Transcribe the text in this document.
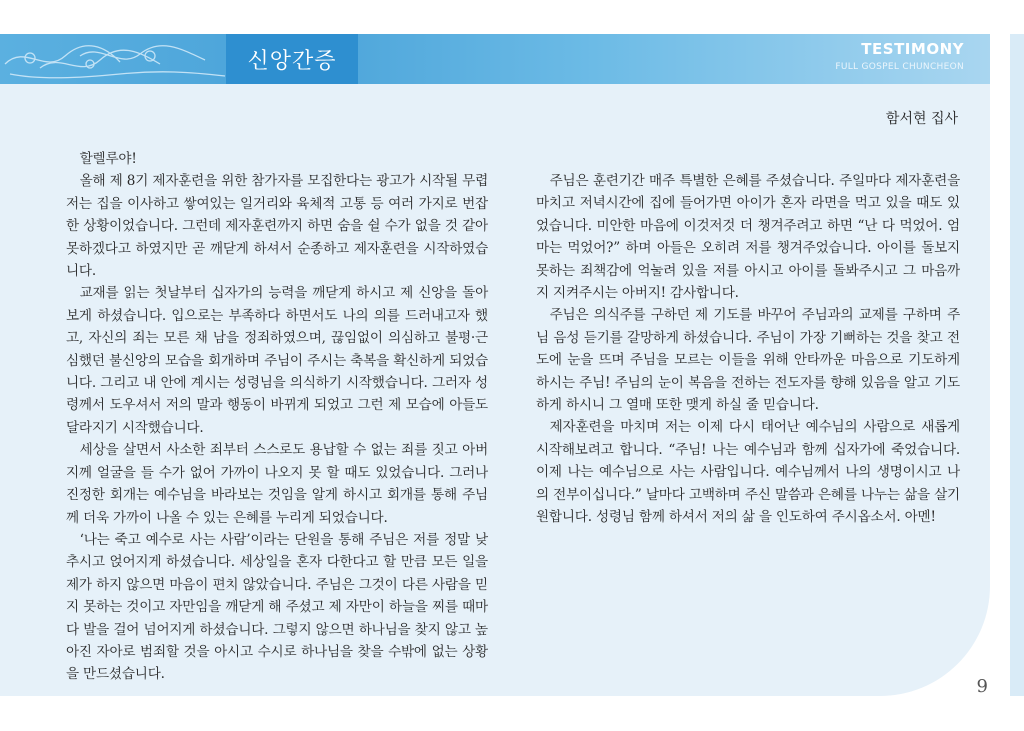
신앙간증	TESTIMONY
FULL GOSPEL CHUNCHEON
함서현 집사

할렐루야!

올해 제 8기 제자훈련을 위한 참가자를 모집한다는 광고가 시작될 무렵 저는 집을 이사하고 쌓여있는 일거리와 육체적 고통 등 여러 가지로 번잡한 상황이었습니다. 그런데 제자훈련까지 하면 숨을 쉴 수가 없을 것 같아 못하겠다고 하였지만 곧 깨닫게 하셔서 순종하고 제자훈련을 시작하였습니다.

교재를 읽는 첫날부터 십자가의 능력을 깨닫게 하시고 제 신앙을 돌아보게 하셨습니다. 입으로는 부족하다 하면서도 나의 의를 드러내고자 했고, 자신의 죄는 모른 채 남을 정죄하였으며, 끊임없이 의심하고 불평·근심했던 불신앙의 모습을 회개하며 주님이 주시는 축복을 확신하게 되었습니다. 그리고 내 안에 계시는 성령님을 의식하기 시작했습니다. 그러자 성령께서 도우셔서 저의 말과 행동이 바뀌게 되었고 그런 제 모습에 아들도 달라지기 시작했습니다.

세상을 살면서 사소한 죄부터 스스로도 용납할 수 없는 죄를 짓고 아버지께 얼굴을 들 수가 없어 가까이 나오지 못 할 때도 있었습니다. 그러나 진정한 회개는 예수님을 바라보는 것임을 알게 하시고 회개를 통해 주님께 더욱 가까이 나올 수 있는 은혜를 누리게 되었습니다.

‘나는 죽고 예수로 사는 사람’이라는 단원을 통해 주님은 저를 정말 낮추시고 얹어지게 하셨습니다. 세상일을 혼자 다한다고 할 만큼 모든 일을 제가 하지 않으면 마음이 편치 않았습니다. 주님은 그것이 다른 사람을 믿지 못하는 것이고 자만임을 깨닫게 해 주셨고 제 자만이 하늘을 찌를 때마다 발을 걸어 넘어지게 하셨습니다. 그렇지 않으면 하나님을 찾지 않고 높아진 자아로 범죄할 것을 아시고 수시로 하나님을 찾을 수밖에 없는 상황을 만드셨습니다.

주님은 훈련기간 매주 특별한 은혜를 주셨습니다. 주일마다 제자훈련을 마치고 저녁시간에 집에 들어가면 아이가 혼자 라면을 먹고 있을 때도 있었습니다. 미안한 마음에 이것저것 더 챙겨주려고 하면 “난 다 먹었어. 엄마는 먹었어?” 하며 아들은 오히려 저를 챙겨주었습니다. 아이를 돌보지 못하는 죄책감에 억눌려 있을 저를 아시고 아이를 돌봐주시고 그 마음까지 지켜주시는 아버지! 감사합니다.

주님은 의식주를 구하던 제 기도를 바꾸어 주님과의 교제를 구하며 주님 음성 듣기를 갈망하게 하셨습니다. 주님이 가장 기뻐하는 것을 찾고 전도에 눈을 뜨며 주님을 모르는 이들을 위해 안타까운 마음으로 기도하게 하시는 주님! 주님의 눈이 복음을 전하는 전도자를 향해 있음을 알고 기도하게 하시니 그 열매 또한 맺게 하실 줄 믿습니다.

제자훈련을 마치며 저는 이제 다시 태어난 예수님의 사람으로 새롭게 시작해보려고 합니다. “주님! 나는 예수님과 함께 십자가에 죽었습니다. 이제 나는 예수님으로 사는 사람입니다. 예수님께서 나의 생명이시고 나의 전부이십니다.” 날마다 고백하며 주신 말씀과 은혜를 나누는 삶을 살기 원합니다. 성령님 함께 하셔서 저의 삶 을 인도하여 주시옵소서. 아멘!

9
